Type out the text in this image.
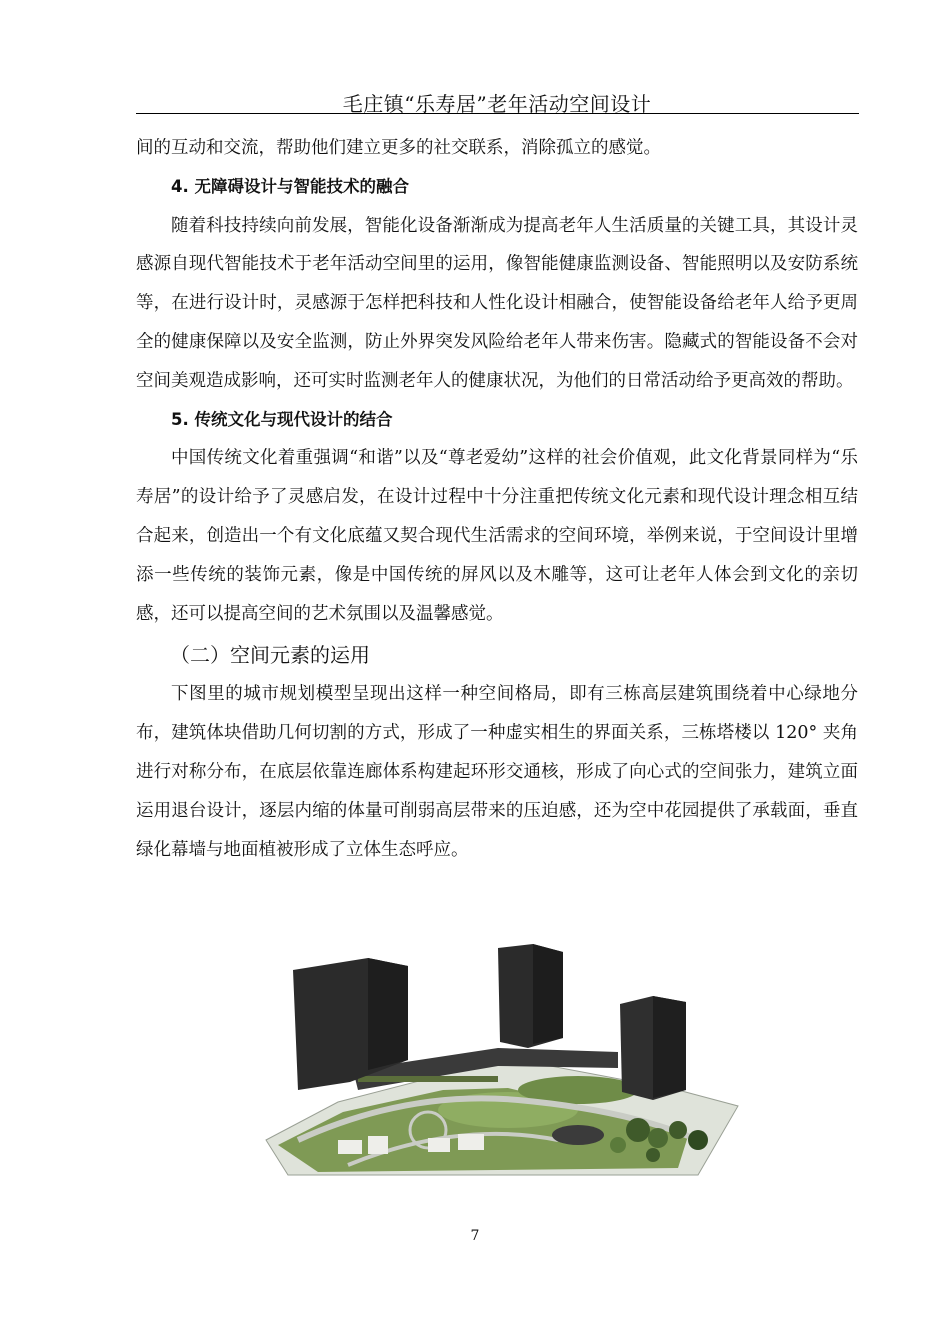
毛庄镇“乐寿居”老年活动空间设计

间的互动和交流，帮助他们建立更多的社交联系，消除孤立的感觉。

4. 无障碍设计与智能技术的融合

随着科技持续向前发展，智能化设备渐渐成为提高老年人生活质量的关键工具，其设计灵感源自现代智能技术于老年活动空间里的运用，像智能健康监测设备、智能照明以及安防系统等，在进行设计时，灵感源于怎样把科技和人性化设计相融合，使智能设备给老年人给予更周全的健康保障以及安全监测，防止外界突发风险给老年人带来伤害。隐藏式的智能设备不会对空间美观造成影响，还可实时监测老年人的健康状况，为他们的日常活动给予更高效的帮助。

5. 传统文化与现代设计的结合

中国传统文化着重强调“和谐”以及“尊老爱幼”这样的社会价值观，此文化背景同样为“乐寿居”的设计给予了灵感启发，在设计过程中十分注重把传统文化元素和现代设计理念相互结合起来，创造出一个有文化底蕴又契合现代生活需求的空间环境，举例来说，于空间设计里增添一些传统的装饰元素，像是中国传统的屏风以及木雕等，这可让老年人体会到文化的亲切感，还可以提高空间的艺术氛围以及温馨感觉。

（二）空间元素的运用

下图里的城市规划模型呈现出这样一种空间格局，即有三栋高层建筑围绕着中心绿地分布，建筑体块借助几何切割的方式，形成了一种虚实相生的界面关系，三栋塔楼以 120° 夹角进行对称分布，在底层依靠连廊体系构建起环形交通核，形成了向心式的空间张力，建筑立面运用退台设计，逐层内缩的体量可削弱高层带来的压迫感，还为空中花园提供了承载面，垂直绿化幕墙与地面植被形成了立体生态呼应。

7
